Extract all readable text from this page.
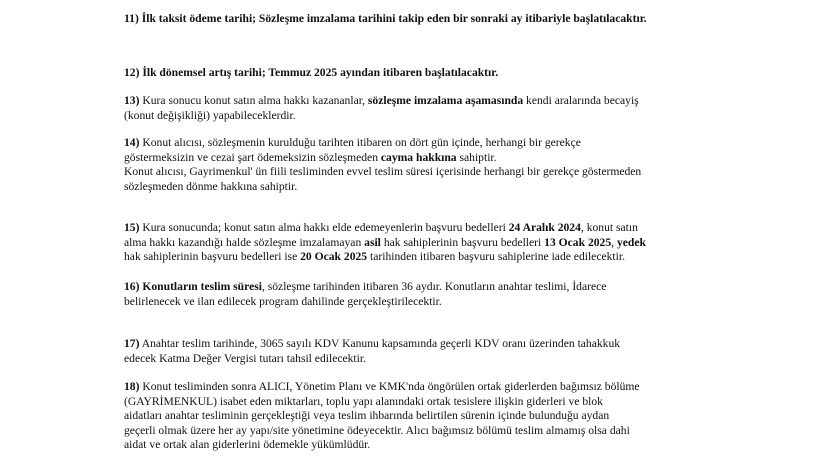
11) İlk taksit ödeme tarihi; Sözleşme imzalama tarihini takip eden bir sonraki ay itibariyle başlatılacaktır.

12) İlk dönemsel artış tarihi; Temmuz 2025 ayından itibaren başlatılacaktır.

13) Kura sonucu konut satın alma hakkı kazananlar, sözleşme imzalama aşamasında kendi aralarında becayiş

(konut değişikliği) yapabileceklerdir.

14) Konut alıcısı, sözleşmenin kurulduğu tarihten itibaren on dört gün içinde, herhangi bir gerekçe

göstermeksizin ve cezai şart ödemeksizin sözleşmeden cayma hakkına sahiptir.

Konut alıcısı, Gayrimenkul' ün fiili tesliminden evvel teslim süresi içerisinde herhangi bir gerekçe göstermeden

sözleşmeden dönme hakkına sahiptir.

15) Kura sonucunda; konut satın alma hakkı elde edemeyenlerin başvuru bedelleri 24 Aralık 2024, konut satın

alma hakkı kazandığı halde sözleşme imzalamayan asil hak sahiplerinin başvuru bedelleri 13 Ocak 2025, yedek

hak sahiplerinin başvuru bedelleri ise 20 Ocak 2025 tarihinden itibaren başvuru sahiplerine iade edilecektir.

16) Konutların teslim süresi, sözleşme tarihinden itibaren 36 aydır. Konutların anahtar teslimi, İdarece

belirlenecek ve ilan edilecek program dahilinde gerçekleştirilecektir.

17) Anahtar teslim tarihinde, 3065 sayılı KDV Kanunu kapsamında geçerli KDV oranı üzerinden tahakkuk

edecek Katma Değer Vergisi tutarı tahsil edilecektir.

18) Konut tesliminden sonra ALICI, Yönetim Planı ve KMK'nda öngörülen ortak giderlerden bağımsız bölüme

(GAYRİMENKUL) isabet eden miktarları, toplu yapı alanındaki ortak tesislere ilişkin giderleri ve blok

aidatları anahtar tesliminin gerçekleştiği veya teslim ihbarında belirtilen sürenin içinde bulunduğu aydan

geçerli olmak üzere her ay yapı/site yönetimine ödeyecektir. Alıcı bağımsız bölümü teslim almamış olsa dahi

aidat ve ortak alan giderlerini ödemekle yükümlüdür.
